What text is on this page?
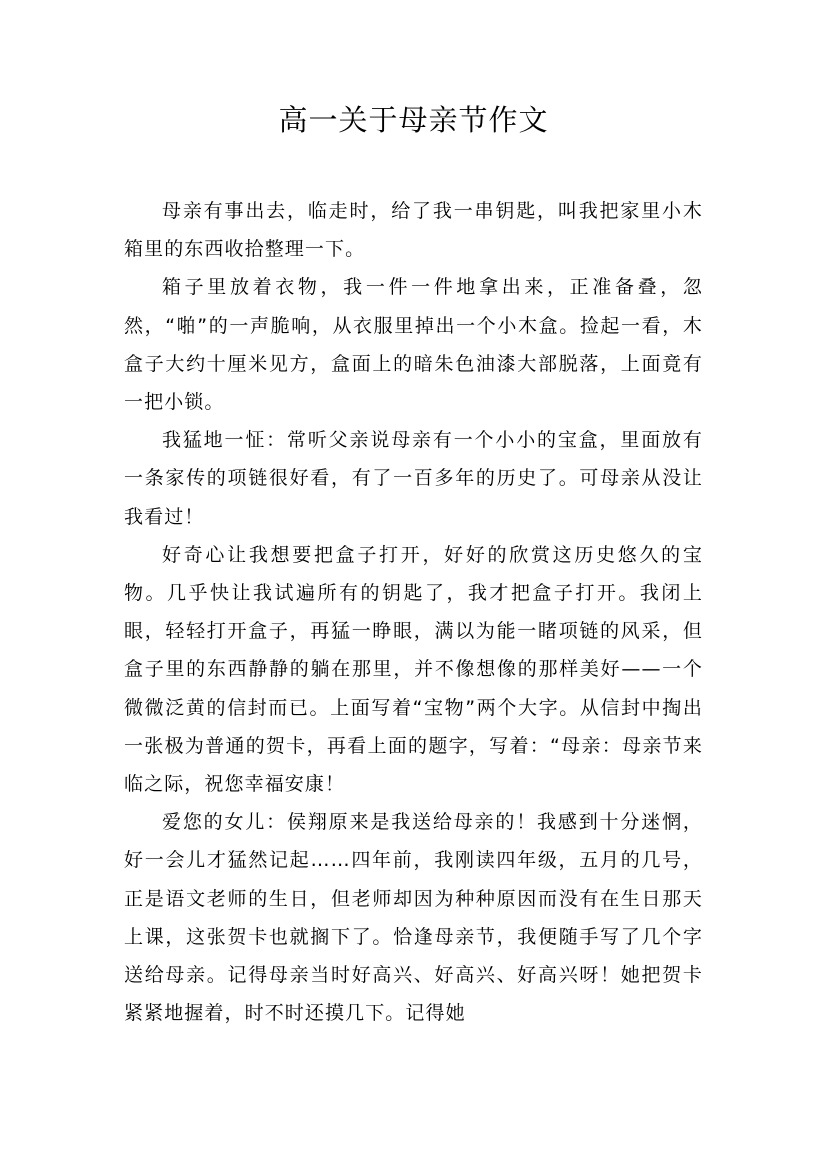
高一关于母亲节作文

母亲有事出去，临走时，给了我一串钥匙，叫我把家里小木箱里的东西收拾整理一下。

箱子里放着衣物，我一件一件地拿出来，正准备叠，忽然，“啪”的一声脆响，从衣服里掉出一个小木盒。捡起一看，木盒子大约十厘米见方，盒面上的暗朱色油漆大部脱落，上面竟有一把小锁。

我猛地一怔：常听父亲说母亲有一个小小的宝盒，里面放有一条家传的项链很好看，有了一百多年的历史了。可母亲从没让我看过！

好奇心让我想要把盒子打开，好好的欣赏这历史悠久的宝物。几乎快让我试遍所有的钥匙了，我才把盒子打开。我闭上眼，轻轻打开盒子，再猛一睁眼，满以为能一睹项链的风采，但盒子里的东西静静的躺在那里，并不像想像的那样美好——一个微微泛黄的信封而已。上面写着“宝物”两个大字。从信封中掏出一张极为普通的贺卡，再看上面的题字，写着：“母亲：母亲节来临之际，祝您幸福安康！

爱您的女儿：侯翔原来是我送给母亲的！我感到十分迷惘，好一会儿才猛然记起……四年前，我刚读四年级，五月的几号，正是语文老师的生日，但老师却因为种种原因而没有在生日那天上课，这张贺卡也就搁下了。恰逢母亲节，我便随手写了几个字送给母亲。记得母亲当时好高兴、好高兴、好高兴呀！她把贺卡紧紧地握着，时不时还摸几下。记得她
